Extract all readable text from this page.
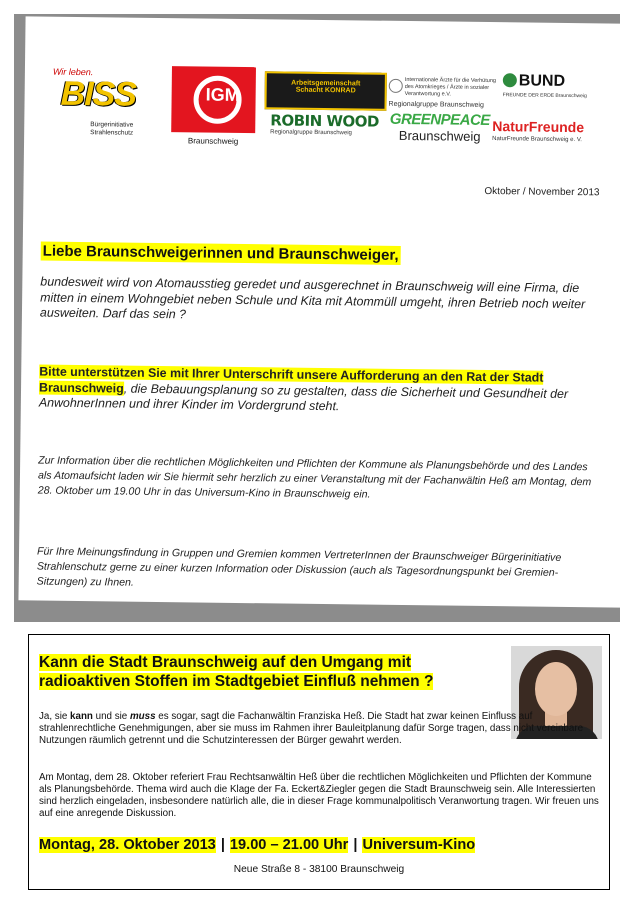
Wir leben.
BISS
Bürgerinitiative
Strahlenschutz
IGM
Braunschweig
Arbeitsgemeinschaft
Schacht KONRAD
ROBIN WOOD
Regionalgruppe Braunschweig
Internationale Ärzte für die Verhütung des Atomkrieges / Ärzte in sozialer Verantwortung e.V.
Regionalgruppe Braunschweig
GREENPEACE
Braunschweig
BUND
FREUNDE DER ERDE Braunschweig
NaturFreunde
NaturFreunde Braunschweig e. V.
Oktober / November 2013
Liebe Braunschweigerinnen und Braunschweiger,
bundesweit wird von Atomausstieg geredet und ausgerechnet in Braunschweig will eine Firma, die mitten in einem Wohngebiet neben Schule und Kita mit Atommüll umgeht, ihren Betrieb noch weiter ausweiten. Darf das sein ?
Bitte unterstützen Sie mit Ihrer Unterschrift unsere Aufforderung an den Rat der Stadt Braunschweig, die Bebauungsplanung so zu gestalten, dass die Sicherheit und Gesundheit der AnwohnerInnen und ihrer Kinder im Vordergrund steht.
Zur Information über die rechtlichen Möglichkeiten und Pflichten der Kommune als Planungsbehörde und des Landes als Atomaufsicht laden wir Sie hiermit sehr herzlich zu einer Veranstaltung mit der Fachanwältin Heß am Montag, dem 28. Oktober um 19.00 Uhr in das Universum-Kino in Braunschweig ein.
Für Ihre Meinungsfindung in Gruppen und Gremien kommen VertreterInnen der Braunschweiger Bürgerinitiative Strahlenschutz gerne zu einer kurzen Information oder Diskussion (auch als Tagesordnungspunkt bei Gremien-Sitzungen) zu Ihnen.
Kann die Stadt Braunschweig auf den Umgang mit radioaktiven Stoffen im Stadtgebiet Einfluß nehmen ?
Ja, sie kann und sie muss es sogar, sagt die Fachanwältin Franziska Heß. Die Stadt hat zwar keinen Einfluss auf strahlenrechtliche Genehmigungen, aber sie muss im Rahmen ihrer Bauleitplanung dafür Sorge tragen, dass nicht vereinbare Nutzungen räumlich getrennt und die Schutzinteressen der Bürger gewahrt werden.
Am Montag, dem 28. Oktober referiert Frau Rechtsanwältin Heß über die rechtlichen Möglichkeiten und Pflichten der Kommune als Planungsbehörde. Thema wird auch die Klage der Fa. Eckert&Ziegler gegen die Stadt Braunschweig sein. Alle Interessierten sind herzlich eingeladen, insbesondere natürlich alle, die in dieser Frage kommunalpolitisch Veranwortung tragen. Wir freuen uns auf eine anregende Diskussion.
Montag, 28. Oktober 2013 | 19.00 – 21.00 Uhr | Universum-Kino
Neue Straße 8 - 38100 Braunschweig
